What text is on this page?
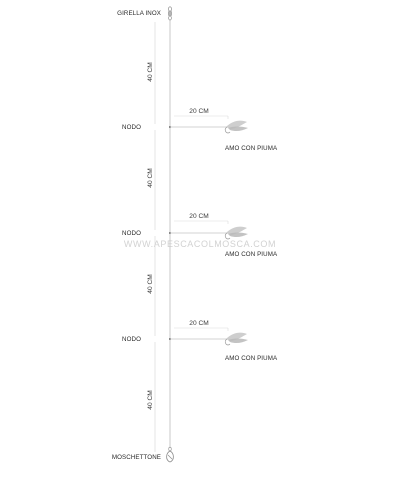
WWW.APESCACOLMOSCA.COM
GIRELLA INOX
40 CM
40 CM
40 CM
40 CM
20 CM
NODO
AMO CON PIUMA
20 CM
NODO
AMO CON PIUMA
20 CM
NODO
AMO CON PIUMA
MOSCHETTONE
